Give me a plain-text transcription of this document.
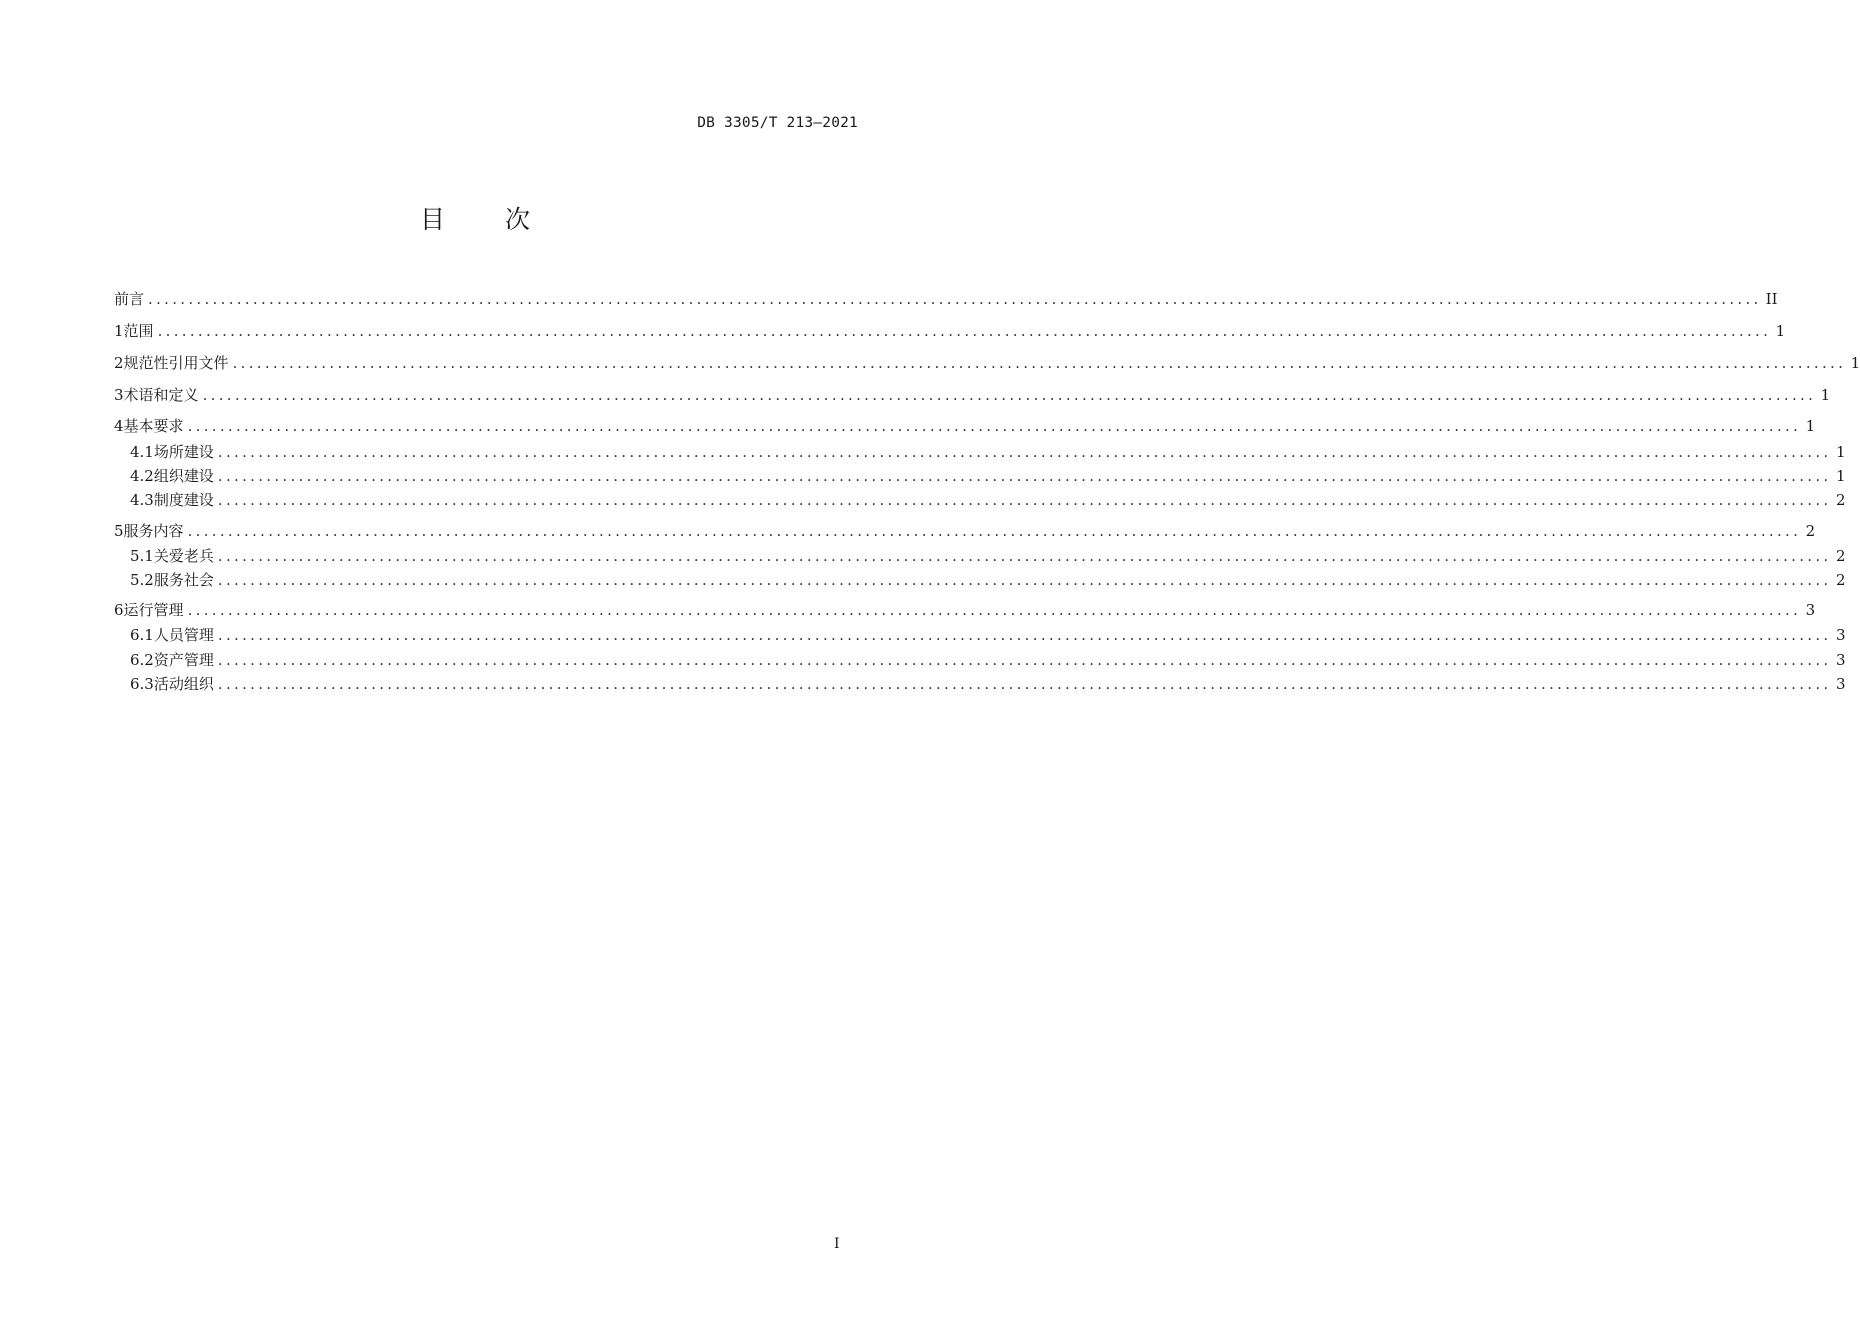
DB 3305/T 213—2021
目 次
前言 ........................................................................................................................................................................................................ II
1 范围 ........................................................................................................................................................................................................ 1
2 规范性引用文件 ........................................................................................................................................................................................................ 1
3 术语和定义 ........................................................................................................................................................................................................ 1
4 基本要求 ........................................................................................................................................................................................................ 1
4.1 场所建设 ........................................................................................................................................................................................................ 1
4.2 组织建设 ........................................................................................................................................................................................................ 1
4.3 制度建设 ........................................................................................................................................................................................................ 2
5 服务内容 ........................................................................................................................................................................................................ 2
5.1 关爱老兵 ........................................................................................................................................................................................................ 2
5.2 服务社会 ........................................................................................................................................................................................................ 2
6 运行管理 ........................................................................................................................................................................................................ 3
6.1 人员管理 ........................................................................................................................................................................................................ 3
6.2 资产管理 ........................................................................................................................................................................................................ 3
6.3 活动组织 ........................................................................................................................................................................................................ 3
I
